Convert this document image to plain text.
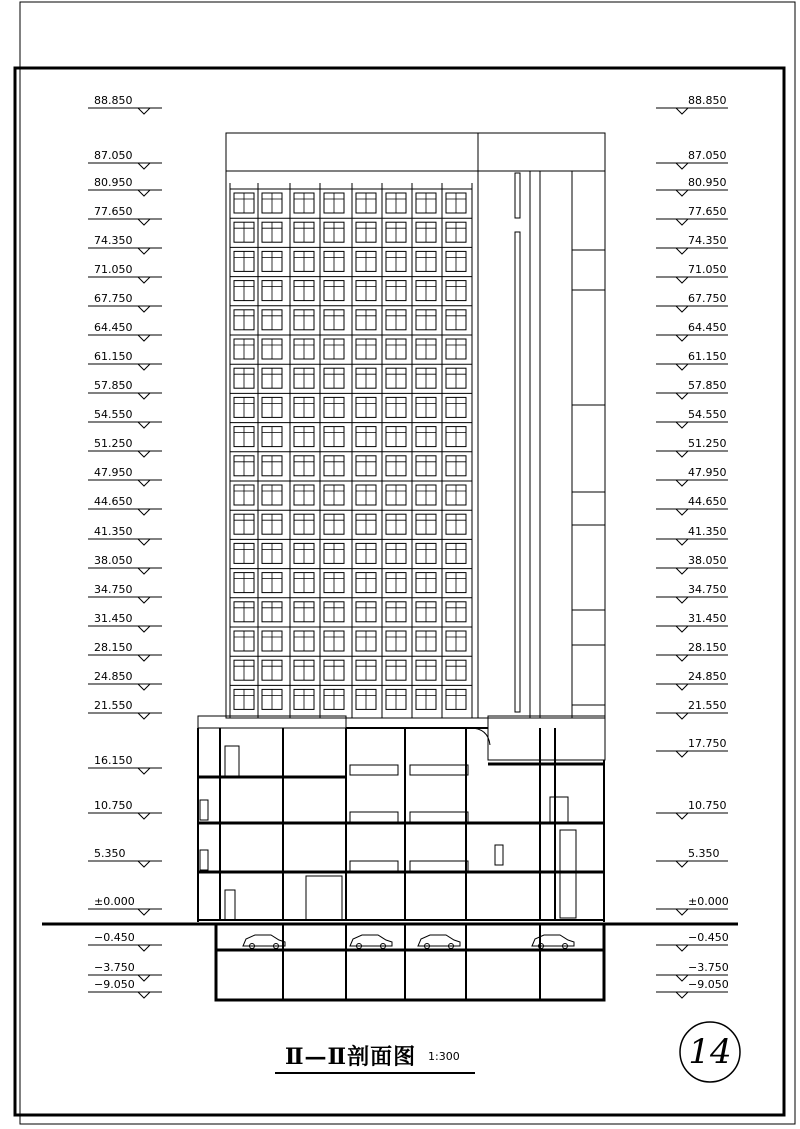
88.850
87.050
80.950
77.650
74.350
71.050
67.750
64.450
61.150
57.850
54.550
51.250
47.950
44.650
41.350
38.050
34.750
31.450
28.150
24.850
21.550
16.150
10.750
5.350
±0.000
−0.450
−3.750
−9.050
88.850
87.050
80.950
77.650
74.350
71.050
67.750
64.450
61.150
57.850
54.550
51.250
47.950
44.650
41.350
38.050
34.750
31.450
28.150
24.850
21.550
17.750
10.750
5.350
±0.000
−0.450
−3.750
−9.050
Ⅱ—Ⅱ剖面图 1:300	14
